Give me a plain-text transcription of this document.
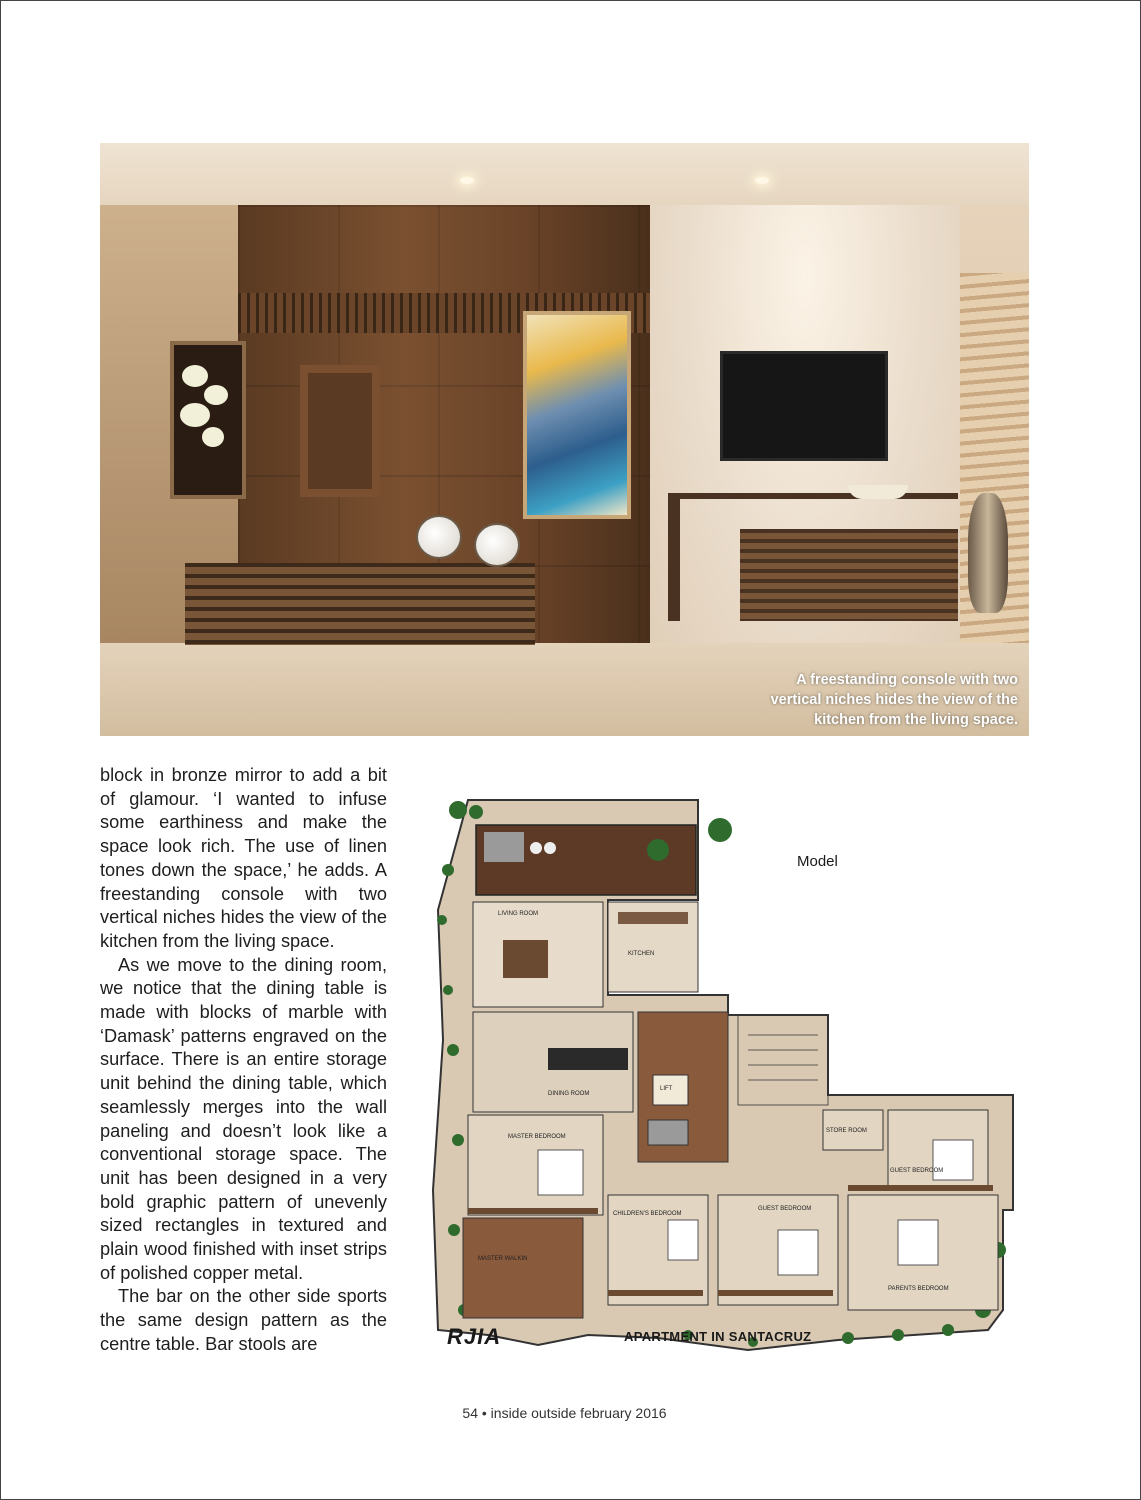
A freestanding console with two
vertical niches hides the view of the
kitchen from the living space.

block in bronze mirror to add a bit of glamour. ‘I wanted to infuse some earthiness and make the space look rich. The use of linen tones down the space,’ he adds. A freestanding console with two vertical niches hides the view of the kitchen from the living space.

As we move to the dining room, we notice that the dining table is made with blocks of marble with ‘Damask’ patterns engraved on the surface. There is an entire storage unit behind the dining table, which seamlessly merges into the wall paneling and doesn’t look like a conventional storage space. The unit has been designed in a very bold graphic pattern of unevenly sized rectangles in textured and plain wood finished with inset strips of polished copper metal.

The bar on the other side sports the same design pattern as the centre table. Bar stools are

LIVING ROOM
KITCHEN
DINING ROOM
LIFT
MASTER BEDROOM
MASTER WALKIN
CHILDREN'S BEDROOM
GUEST BEDROOM
STORE ROOM
GUEST BEDROOM
PARENTS BEDROOM
Model
RJIA	APARTMENT IN SANTACRUZ
54 • inside outside february 2016
